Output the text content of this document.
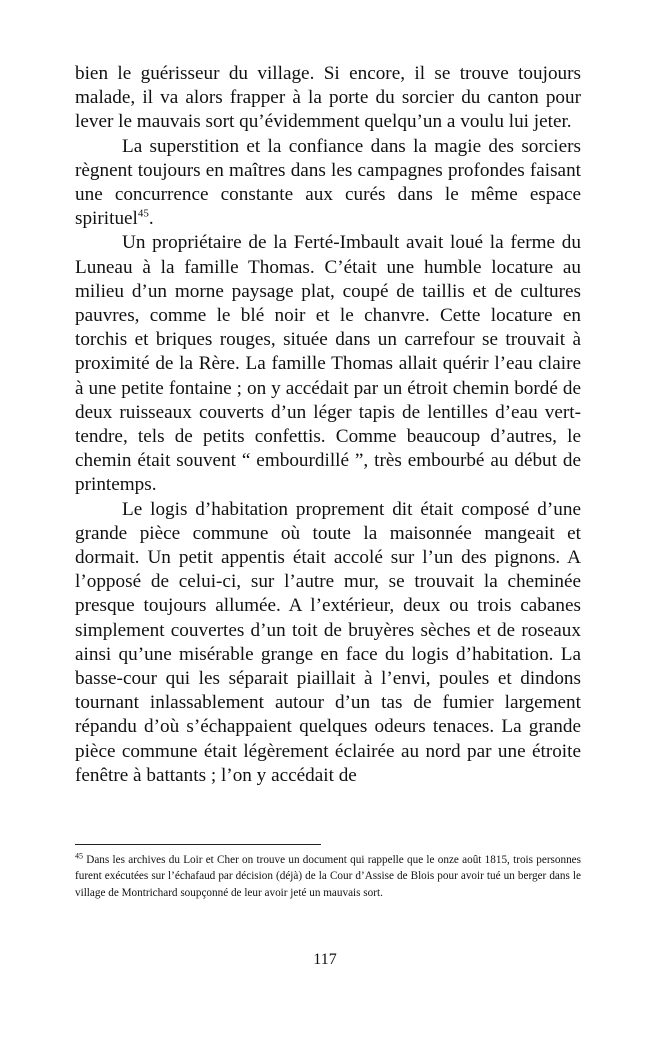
bien le guérisseur du village. Si encore, il se trouve toujours malade, il va alors frapper à la porte du sorcier du canton pour lever le mauvais sort qu’évidemment quelqu’un a voulu lui jeter.

La superstition et la confiance dans la magie des sorciers règnent toujours en maîtres dans les campagnes profondes faisant une concurrence constante aux curés dans le même espace spirituel$^{45}$.

Un propriétaire de la Ferté-Imbault avait loué la ferme du Luneau à la famille Thomas. C’était une humble locature au milieu d’un morne paysage plat, coupé de taillis et de cultures pauvres, comme le blé noir et le chanvre. Cette locature en torchis et briques rouges, située dans un carrefour se trouvait à proximité de la Rère. La famille Thomas allait quérir l’eau claire à une petite fontaine ; on y accédait par un étroit chemin bordé de deux ruisseaux couverts d’un léger tapis de lentilles d’eau vert-tendre, tels de petits confettis. Comme beaucoup d’autres, le chemin était souvent “ embourdillé ”, très embourbé au début de printemps.

Le logis d’habitation proprement dit était composé d’une grande pièce commune où toute la maisonnée mangeait et dormait. Un petit appentis était accolé sur l’un des pignons. A l’opposé de celui-ci, sur l’autre mur, se trouvait la cheminée presque toujours allumée. A l’extérieur, deux ou trois cabanes simplement couvertes d’un toit de bruyères sèches et de roseaux ainsi qu’une misérable grange en face du logis d’habitation. La basse-cour qui les séparait piaillait à l’envi, poules et dindons tournant inlassablement autour d’un tas de fumier largement répandu d’où s’échappaient quelques odeurs tenaces. La grande pièce commune était légèrement éclairée au nord par une étroite fenêtre à battants ; l’on y accédait de

$^{45}$ Dans les archives du Loir et Cher on trouve un document qui rappelle que le onze août 1815, trois personnes furent exécutées sur l’échafaud par décision (déjà) de la Cour d’Assise de Blois pour avoir tué un berger dans le village de Montrichard soupçonné de leur avoir jeté un mauvais sort.
117
